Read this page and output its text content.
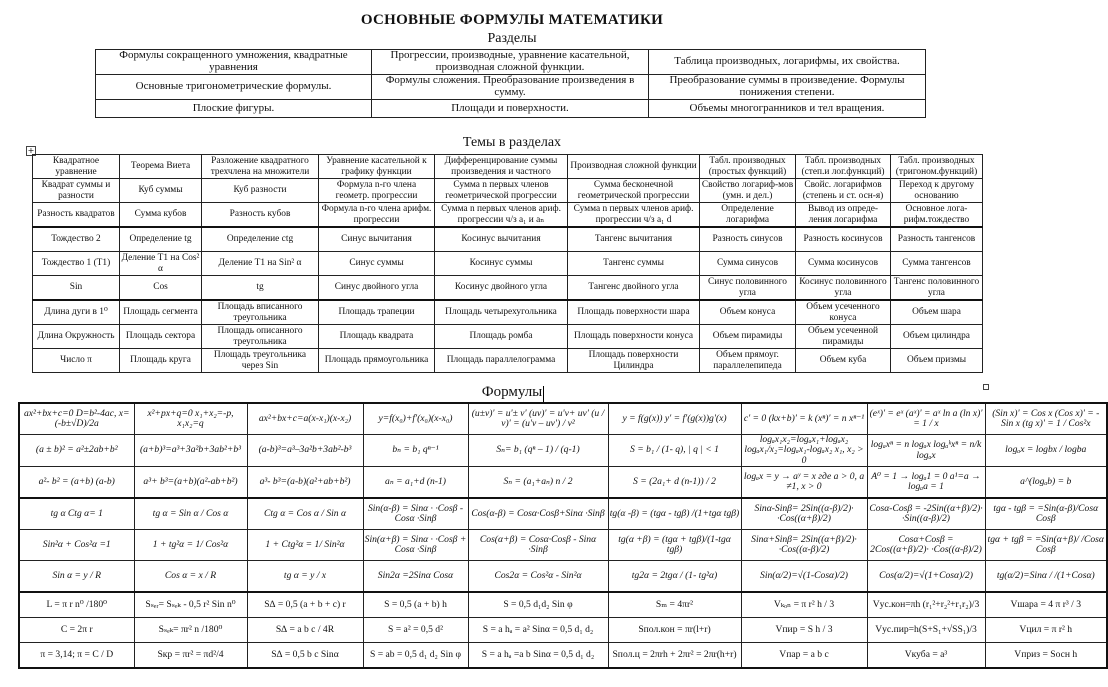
ОСНОВНЫЕ ФОРМУЛЫ МАТЕМАТИКИ
Разделы
Формулы сокращенного умножения, квадратные уравнения	Прогрессии, производные, уравнение касательной, производная сложной функции.	Таблица производных, логарифмы, их свойства.
Основные тригонометрические формулы.	Формулы сложения. Преобразование произведения в сумму.	Преобразование суммы в произведение. Формулы понижения степени.
Плоские фигуры.	Площади и поверхности.	Объемы многогранников и тел вращения.
Темы в разделах
+
Квадратное уравнение	Теорема Виета	Разложение квадратного трехчлена на множители	Уравнение касательной к графику функции	Дифференцирование суммы произведения и частного	Производная сложной функции	Табл. производных (простых функций)	Табл. производных (степ.и лог.функций)	Табл. производных (тригоном.функций)
Квадрат суммы и разности	Куб суммы	Куб разности	Формула n-го члена геометр. прогрессии	Сумма n первых членов геометрической прогрессии	Сумма бесконечной геометрической прогрессии	Свойство логариф-мов (умн. и дел.)	Свойс. логарифмов (степень и ст. осн-я)	Переход к другому основанию
Разность квадратов	Сумма кубов	Разность кубов	Формула n-го члена арифм. прогрессии	Сумма n первых членов ариф. прогрессии ч/з a₁ и aₙ	Сумма n первых членов ариф. прогрессии ч/з a₁ d	Определение логарифма	Вывод из опреде-ления логарифма	Основное лога-рифм.тождество
Тождество 2	Определение tg	Определение ctg	Синус вычитания	Косинус вычитания	Тангенс вычитания	Разность синусов	Разность косинусов	Разность тангенсов
Тождество 1 (T1)	Деление T1 на Cos² α	Деление T1 на Sin² α	Синус суммы	Косинус суммы	Тангенс суммы	Сумма синусов	Сумма косинусов	Сумма тангенсов
Sin	Cos	tg	Синус двойного угла	Косинус двойного угла	Тангенс двойного угла	Синус половинного угла	Косинус половинного угла	Тангенс половинного угла
Длина дуги в 1⁰	Площадь сегмента	Площадь вписанного треугольника	Площадь трапеции	Площадь четырехугольника	Площадь поверхности шара	Объем конуса	Объем усеченного конуса	Объем шара
Длина Окружность	Площадь сектора	Площадь описанного треугольника	Площадь квадрата	Площадь ромба	Площадь поверхности конуса	Объем пирамиды	Объем усеченной пирамиды	Объем цилиндра
Число π	Площадь круга	Площадь треугольника через Sin	Площадь прямоугольника	Площадь параллелограмма	Площадь поверхности Цилиндра	Объем прямоуг. параллелепипеда	Объем куба	Объем призмы
Формулы
ax²+bx+c=0 D=b²-4ac, x=(-b±√D)/2a	x²+px+q=0 x₁+x₂=-p, x₁x₂=q	ax²+bx+c=a(x-x₁)(x-x₂)	y=f(x₀)+f'(x₀)(x-x₀)	(u±v)' = u'± v' (uv)' = u'v+ uv' (u / v)' = (u'v – uv') / v²	y = f(g(x)) y' = f'(g(x))g'(x)	c' = 0 (kx+b)' = k (xⁿ)' = n xⁿ⁻¹	(eˣ)' = eˣ (aˣ)' = aˣ ln a (ln x)' = 1 / x	(Sin x)' = Cos x (Cos x)' = - Sin x (tg x)' = 1 / Cos²x
(a ± b)² = a²±2ab+b²	(a+b)³=a³+3a²b+3ab²+b³	(a-b)³=a³–3a²b+3ab²-b³	bₙ = b₁ qⁿ⁻¹	Sₙ= b₁ (qⁿ – 1) / (q-1)	S = b₁ / (1- q), | q | < 1	logₐx₁x₂=logₐx₁+logₐx₂ logₐx₁/x₂=logₐx₁-logₐx₂ x₁, x₂ > 0	logₐxⁿ = n logₐx logₐᵏxⁿ = n/k logₐx	logₐx = logbx / logba
a²- b² = (a+b) (a-b)	a³+ b³=(a+b)(a²-ab+b²)	a³- b³=(a-b)(a²+ab+b²)	aₙ = a₁+d (n-1)	Sₙ = (a₁+aₙ) n / 2	S = (2a₁+ d (n-1)) / 2	logₐx = y → aʸ = x где a > 0, a ≠1, x > 0	A⁰ = 1 → logₐ1 = 0 a¹=a → logₐa = 1	a^(logₐb) = b
tg α Ctg α= 1	tg α = Sin α / Cos α	Ctg α = Cos α / Sin α	Sin(α-β) = Sinα · ·Cosβ - Cosα ·Sinβ	Cos(α-β) = Cosα·Cosβ+Sinα ·Sinβ	tg(α -β) = (tgα - tgβ) /(1+tgα tgβ)	Sinα-Sinβ= 2Sin((α-β)/2)· ·Cos((α+β)/2)	Cosα-Cosβ = -2Sin((α+β)/2)· ·Sin((α-β)/2)	tgα - tgβ = =Sin(α-β)/Cosα Cosβ
Sin²α + Cos²α =1	1 + tg²α = 1/ Cos²α	1 + Ctg²α = 1/ Sin²α	Sin(α+β) = Sinα · ·Cosβ + Cosα ·Sinβ	Cos(α+β) = Cosα·Cosβ - Sinα ·Sinβ	tg(α +β) = (tgα + tgβ)/(1-tgα tgβ)	Sinα+Sinβ= 2Sin((α+β)/2)· ·Cos((α-β)/2)	Cosα+Cosβ = 2Cos((α+β)/2)· ·Cos((α-β)/2)	tgα + tgβ = =Sin(α+β)/ /Cosα Cosβ
Sin α = y / R	Cos α = x / R	tg α = y / x	Sin2α =2Sinα Cosα	Cos2α = Cos²α - Sin²α	tg2α = 2tgα / (1- tg²α)	Sin(α/2)=√(1-Cosα)/2)	Cos(α/2)=√(1+Cosα)/2)	tg(α/2)=Sinα / /(1+Cosα)
L = π r n⁰ /180⁰	Sₛₑᵣ= Sₛₑₖ - 0,5 r² Sin n⁰	S∆ = 0,5 (a + b + c) r	S = 0,5 (a + b) h	S = 0,5 d₁d₂ Sin φ	Sₘ = 4πr²	Vₖₒₙ = π r² h / 3	Vус.кон=πh (r₁²+r₂²+r₁r₂)/3	Vшара = 4 π r³ / 3
C = 2π r	Sₛₑₖ= πr² n /180⁰	S∆ = a b c / 4R	S = a² = 0,5 d²	S = a hₐ = a² Sinα = 0,5 d₁ d₂	Sпол.кон = πr(l+r)	Vпир = S h / 3	Vус.пир=h(S+S₁+√SS₁)/3	Vцил = π r² h
π = 3,14; π = C / D	Sкр = πr² = πd²/4	S∆ = 0,5 b c Sinα	S = ab = 0,5 d₁ d₂ Sin φ	S = a hₐ =a b Sinα = 0,5 d₁ d₂	Sпол.ц = 2πrh + 2πr² = 2πr(h+r)	Vпар = a b c	Vкуба = a³	Vприз = Sосн h
